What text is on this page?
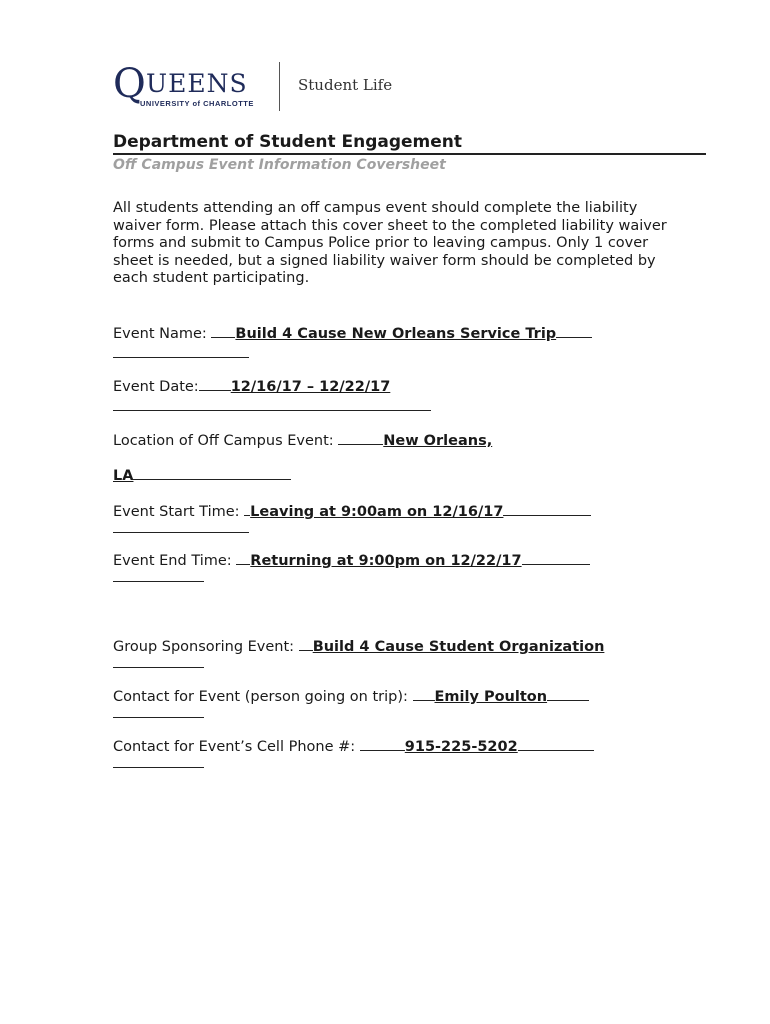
Q UEENS
UNIVERSITY of CHARLOTTE
Student Life
Department of Student Engagement
Off Campus Event Information Coversheet
All students attending an off campus event should complete the liability waiver form. Please attach this cover sheet to the completed liability waiver forms and submit to Campus Police prior to leaving campus. Only 1 cover sheet is needed, but a signed liability waiver form should be completed by each student participating.
Event Name: Build 4 Cause New Orleans Service Trip
Event Date: 12/16/17 – 12/22/17
Location of Off Campus Event:	New Orleans,
LA
Event Start Time: Leaving at 9:00am on 12/16/17
Event End Time: Returning at 9:00pm on 12/22/17
Group Sponsoring Event: Build 4 Cause Student Organization
Contact for Event (person going on trip): Emily Poulton
Contact for Event’s Cell Phone #:	915-225-5202
